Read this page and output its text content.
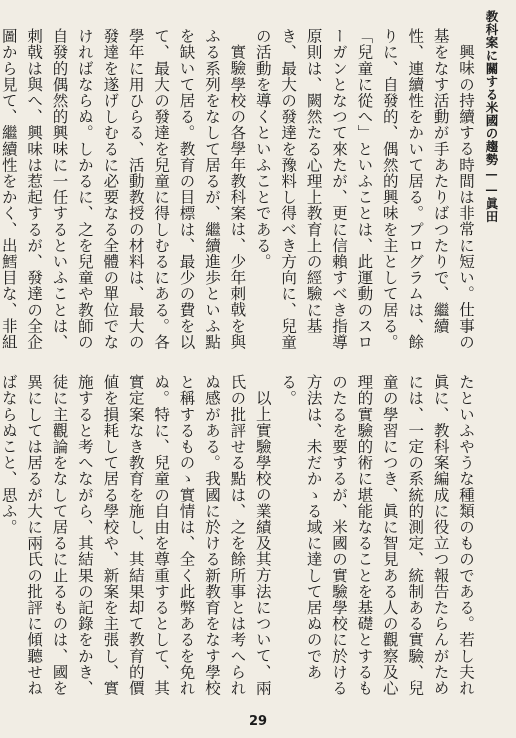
教科案に關する米國の趨勢——眞田

興味の持續する時間は非常に短い。仕事の基をなす活動が手あたりばつたりで、繼續性、連續性をかいて居る。プログラムは、餘りに、自發的、偶然的興味を主として居る。「兒童に從へ」といふことは、此運動のスローガンとなつて來たが、更に信賴すべき指導原則は、闕然たる心理上教育上の經驗に基き、最大の發達を豫料し得べき方向に、兒童の活動を導くといふことである。

實驗學校の各學年教科案は、少年刺戟を與ふる系列をなして居るが、繼續進歩といふ點を缺いて居る。教育の目標は、最少の費を以て、最大の發達を兒童に得しむるにある。各學年に用ひらる、活動教授の材料は、最大の發達を遂げしむるに必要なる全體の單位でなければならぬ。しかるに、之を兒童や教師の自發的偶然的興味に一任するといふことは、刺戟は與へ、興味は惹起するが、發達の全企圖から見て、繼續性をかく、出鱈目な、非組

たといふやうな種類のものである。若し夫れ眞に、教科案編成に役立つ報告たらんがためには、一定の系統的測定、統制ある實驗、兒童の學習につき、眞に智見ある人の觀察及心理的實驗的術に堪能なることを基礎とするものたるを要するが、米國の實驗學校に於ける方法は、未だかゝる域に達して居ぬのである。

以上實驗學校の業績及其方法について、兩氏の批評せる點は、之を餘所事とは考へられぬ感がある。我國に於ける新教育をなす學校と稱するものゝ實情は、全く此弊あるを免れぬ。特に、兒童の自由を尊重するとして、其實定案なき教育を施し、其結果却て教育的價値を損耗して居る學校や、新案を主張し、實施すると考へながら、其結果の記錄をかき、徒に主觀論をなして居るに止るものは、國を異にしては居るが大に兩氏の批評に傾聽せねばならぬこと、思ふ。

29
